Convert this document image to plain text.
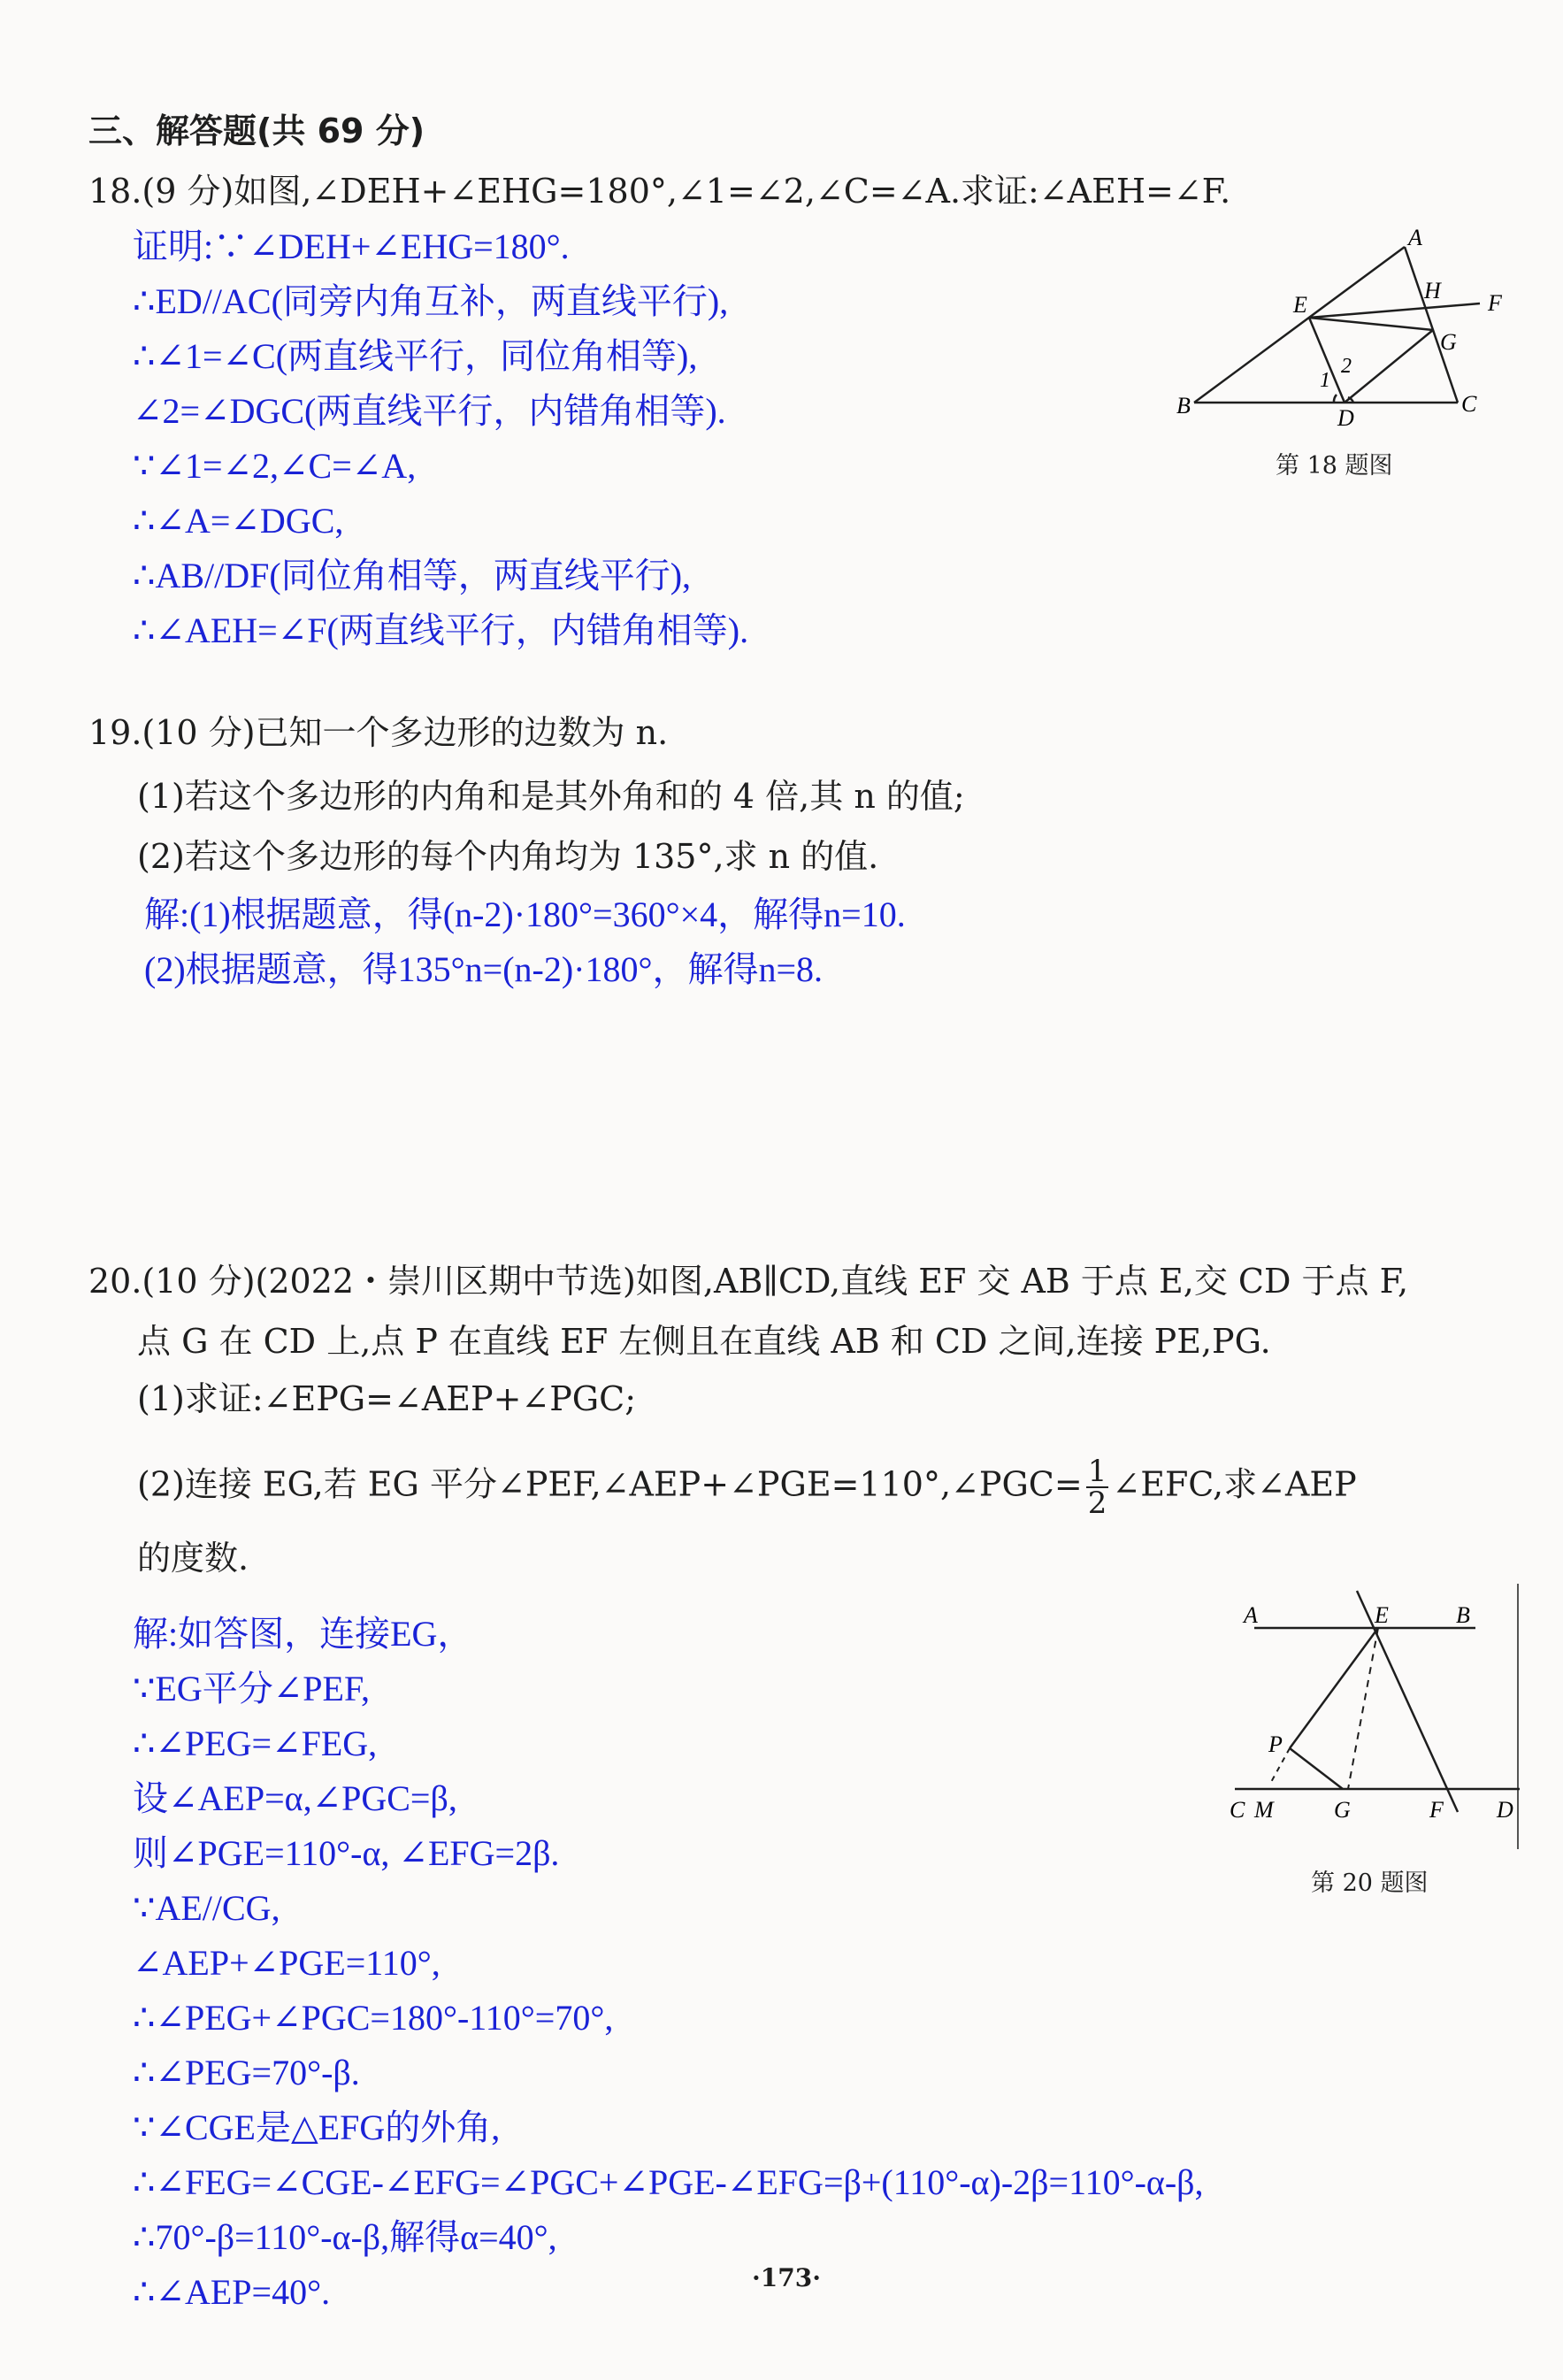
三、解答题(共 69 分)
18.(9 分)如图,∠DEH+∠EHG=180°,∠1=∠2,∠C=∠A.求证:∠AEH=∠F.
证明:∵∠DEH+∠EHG=180°.
∴ED//AC(同旁内角互补，两直线平行),
∴∠1=∠C(两直线平行，同位角相等),
∠2=∠DGC(两直线平行，内错角相等).
∵∠1=∠2,∠C=∠A,
∴∠A=∠DGC,
∴AB//DF(同位角相等，两直线平行),
∴∠AEH=∠F(两直线平行，内错角相等).
A
B	C
D
E	F
G
H
1
2
第 18 题图
19.(10 分)已知一个多边形的边数为 n.
(1)若这个多边形的内角和是其外角和的 4 倍,其 n 的值;
(2)若这个多边形的每个内角均为 135°,求 n 的值.
解:(1)根据题意，得(n-2)·180°=360°×4，解得n=10.
(2)根据题意，得135°n=(n-2)·180°，解得n=8.
20.(10 分)(2022・崇川区期中节选)如图,AB∥CD,直线 EF 交 AB 于点 E,交 CD 于点 F,
点 G 在 CD 上,点 P 在直线 EF 左侧且在直线 AB 和 CD 之间,连接 PE,PG.
(1)求证:∠EPG=∠AEP+∠PGC;
(2)连接 EG,若 EG 平分∠PEF,∠AEP+∠PGE=110°,∠PGC= $\frac{1}{2}$ ∠EFC,求∠AEP
的度数.
解:如答图，连接EG，
∵EG平分∠PEF,
∴∠PEG=∠FEG,
设∠AEP=α,∠PGC=β,
则∠PGE=110°-α, ∠EFG=2β.
∵AE//CG,
∠AEP+∠PGE=110°,
∴∠PEG+∠PGC=180°-110°=70°,
∴∠PEG=70°-β.
∵∠CGE是△EFG的外角,
∴∠FEG=∠CGE-∠EFG=∠PGC+∠PGE-∠EFG=β+(110°-α)-2β=110°-α-β,
∴70°-β=110°-α-β,解得α=40°,
∴∠AEP=40°.
A	E	B
P
C M	G	F D
第 20 题图
·173·
